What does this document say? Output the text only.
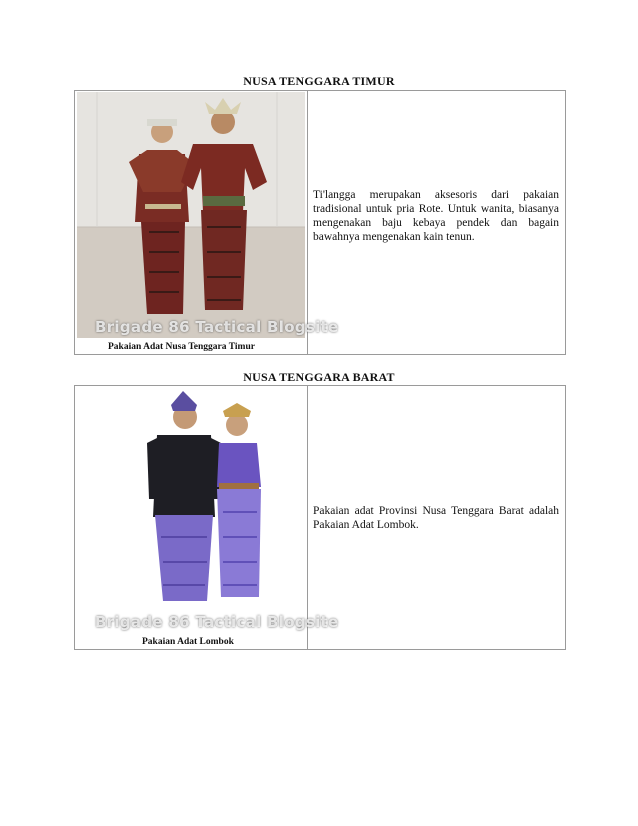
NUSA TENGGARA TIMUR
Brigade 86 Tactical Blogsite
Pakaian Adat Nusa Tenggara Timur
Ti'langga merupakan aksesoris dari pakaian tradisional untuk pria Rote. Untuk wanita, biasanya mengenakan baju kebaya pendek dan bagain bawahnya mengenakan kain tenun.
NUSA TENGGARA BARAT
Brigade 86 Tactical Blogsite
Pakaian Adat Lombok
Pakaian adat Provinsi Nusa Tenggara Barat adalah Pakaian Adat Lombok.
